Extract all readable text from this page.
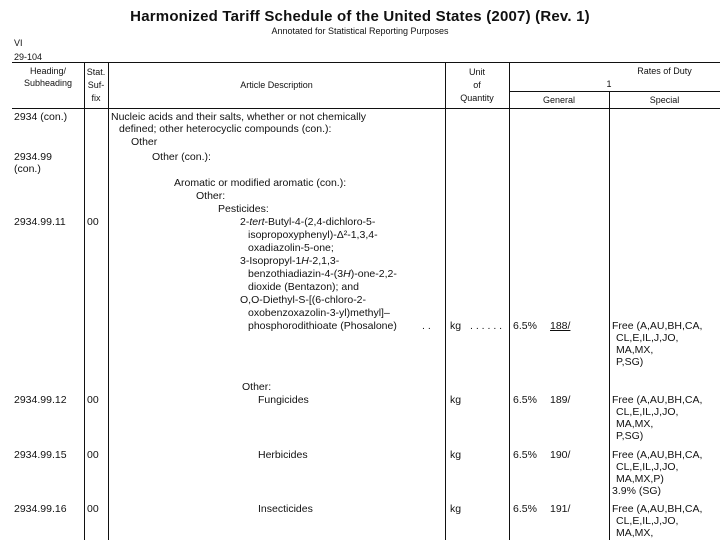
Harmonized Tariff Schedule of the United States (2007) (Rev. 1)
Annotated for Statistical Reporting Purposes
VI
29-104
Heading/
Subheading
Stat.
Suf-
fix
Article Description
Unit
of
Quantity
Rates of Duty
1
General	Special
2934 (con.)	Nucleic acids and their salts, whether or not chemically
defined; other heterocyclic compounds (con.):
Other
2934.99
(con.)
Other (con.):
Aromatic or modified aromatic (con.):
Other:
Pesticides:
2934.99.11 00	2-tert-Butyl-4-(2,4-dichloro-5-
isopropoxyphenyl)-Δ²-1,3,4-
oxadiazolin-5-one;
3-Isopropyl-1H-2,1,3-
benzothiadiazin-4-(3H)-one-2,2-
dioxide (Bentazon); and
O,O-Diethyl-S-[(6-chloro-2-
oxobenzoxazolin-3-yl)methyl]–
phosphorodithioate (Phosalone) . . kg . . . . . . 6.5% 188/	Free (A,AU,BH,CA,
CL,E,IL,J,JO,
MA,MX,
P,SG)
Other:
2934.99.12 00	Fungicides	kg	6.5% 189/	Free (A,AU,BH,CA,
CL,E,IL,J,JO,
MA,MX,
P,SG)
2934.99.15 00	Herbicides	kg	6.5% 190/	Free (A,AU,BH,CA,
CL,E,IL,J,JO,
MA,MX,P)
3.9% (SG)
2934.99.16 00	Insecticides	kg	6.5% 191/	Free (A,AU,BH,CA,
CL,E,IL,J,JO,
MA,MX,
